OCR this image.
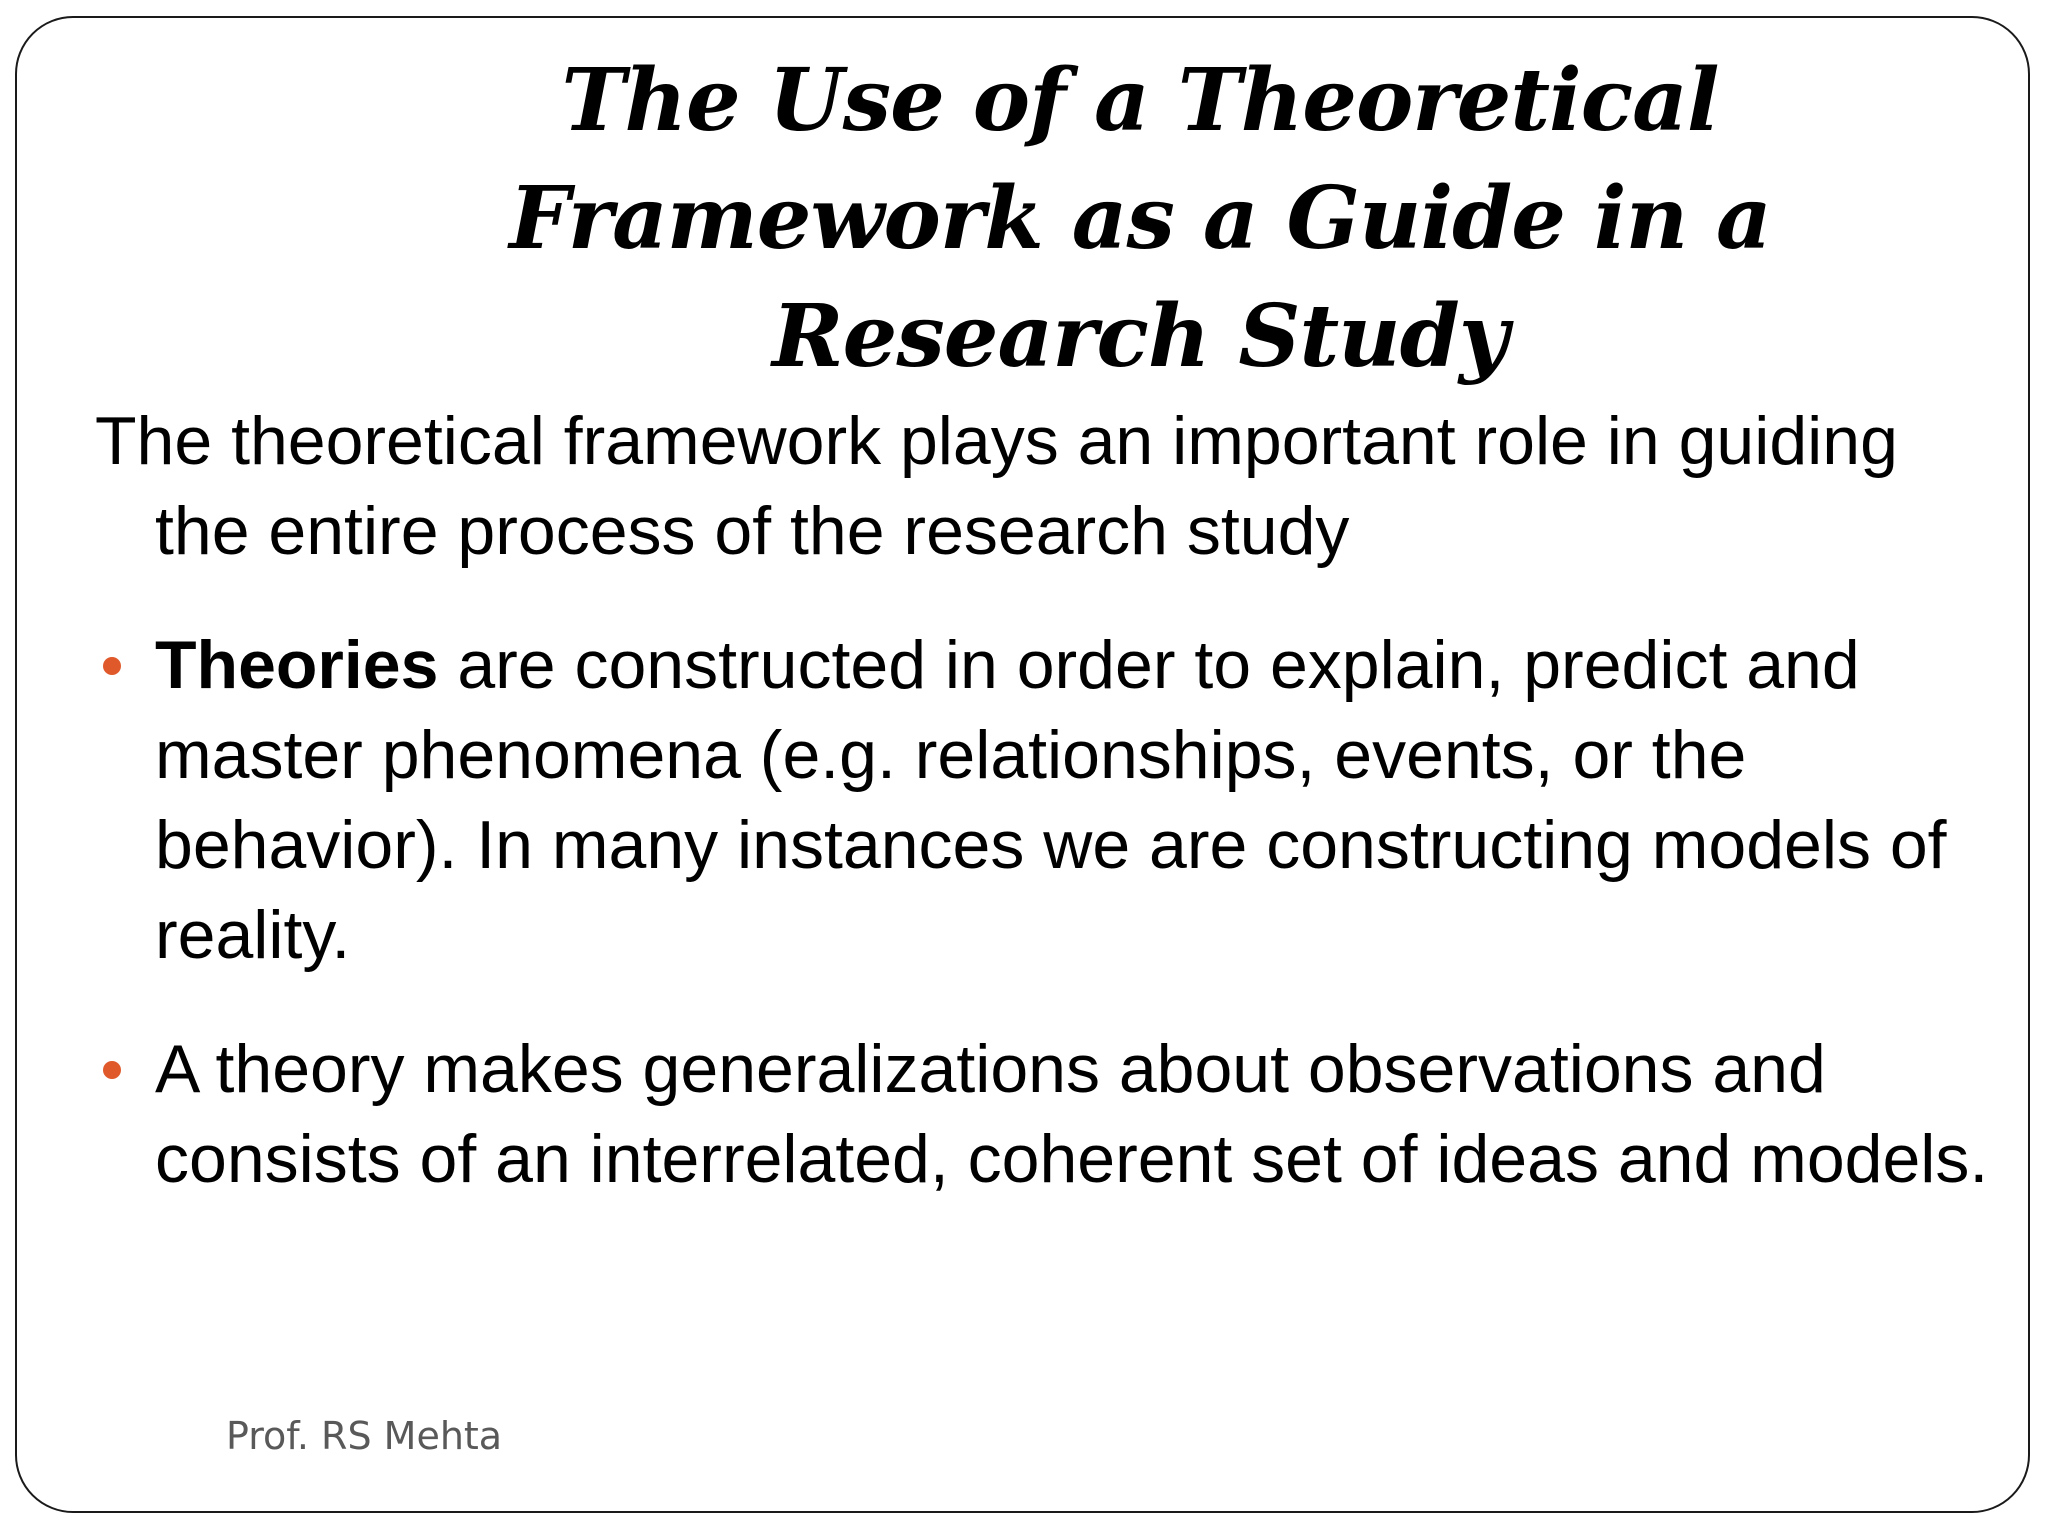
The Use of a Theoretical Framework as a Guide in a Research Study

The theoretical framework plays an important role in guiding the entire process of the research study

Theories are constructed in order to explain, predict and master phenomena (e.g. relationships, events, or the behavior). In many instances we are constructing models of reality.
A theory makes generalizations about observations and consists of an interrelated, coherent set of ideas and models.
Prof. RS Mehta
